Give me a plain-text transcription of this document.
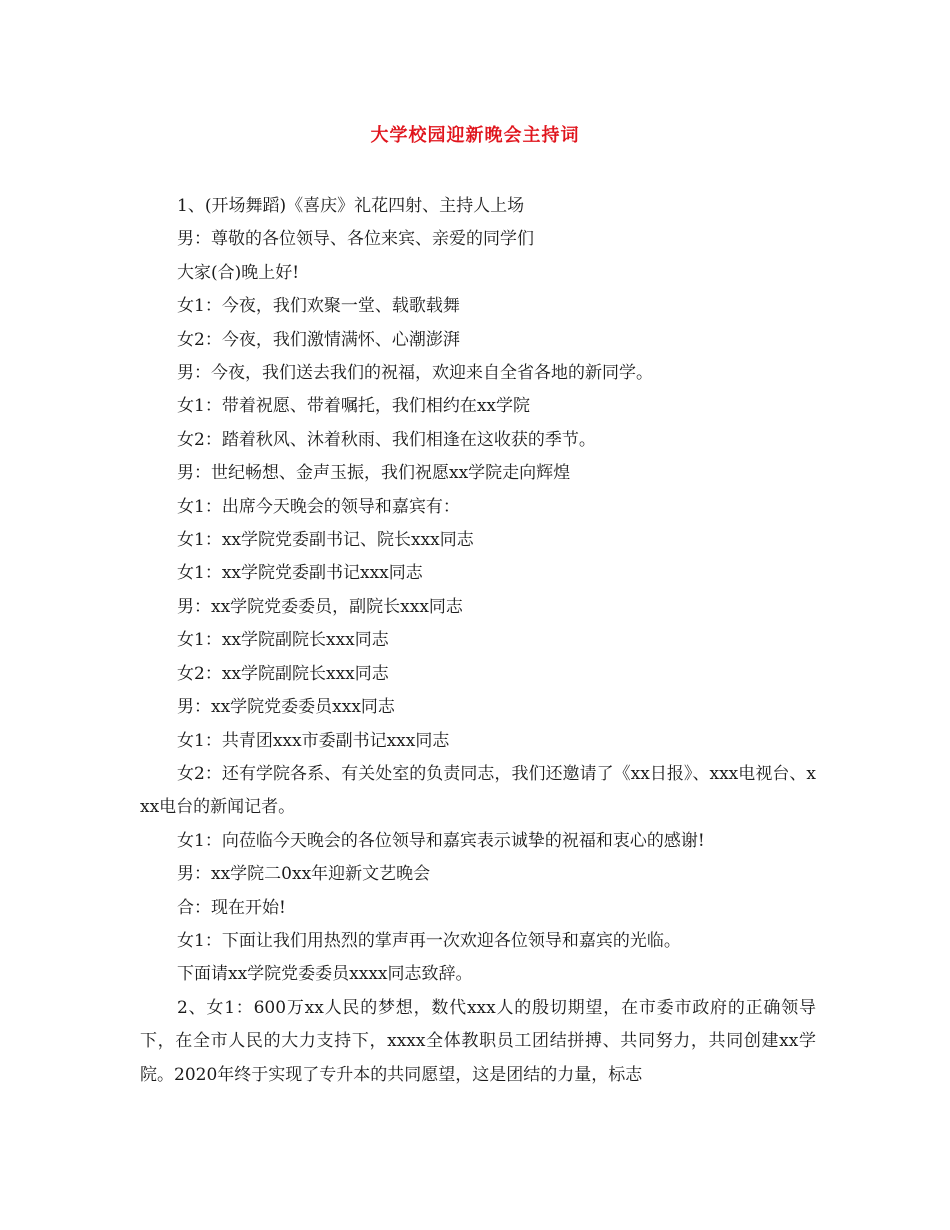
大学校园迎新晚会主持词

1、(开场舞蹈)《喜庆》礼花四射、主持人上场

男：尊敬的各位领导、各位来宾、亲爱的同学们

大家(合)晚上好!

女1：今夜，我们欢聚一堂、载歌载舞

女2：今夜，我们激情满怀、心潮澎湃

男：今夜，我们送去我们的祝福，欢迎来自全省各地的新同学。

女1：带着祝愿、带着嘱托，我们相约在xx学院

女2：踏着秋风、沐着秋雨、我们相逢在这收获的季节。

男：世纪畅想、金声玉振，我们祝愿xx学院走向辉煌

女1：出席今天晚会的领导和嘉宾有：

女1：xx学院党委副书记、院长xxx同志

女1：xx学院党委副书记xxx同志

男：xx学院党委委员，副院长xxx同志

女1：xx学院副院长xxx同志

女2：xx学院副院长xxx同志

男：xx学院党委委员xxx同志

女1：共青团xxx市委副书记xxx同志

女2：还有学院各系、有关处室的负责同志，我们还邀请了《xx日报》、xxx电视台、xxx电台的新闻记者。

女1：向莅临今天晚会的各位领导和嘉宾表示诚挚的祝福和衷心的感谢!

男：xx学院二0xx年迎新文艺晚会

合：现在开始!

女1：下面让我们用热烈的掌声再一次欢迎各位领导和嘉宾的光临。

下面请xx学院党委委员xxxx同志致辞。

2、女1：600万xx人民的梦想，数代xxx人的殷切期望，在市委市政府的正确领导下，在全市人民的大力支持下，xxxx全体教职员工团结拼搏、共同努力，共同创建xx学院。2020年终于实现了专升本的共同愿望，这是团结的力量，标志
